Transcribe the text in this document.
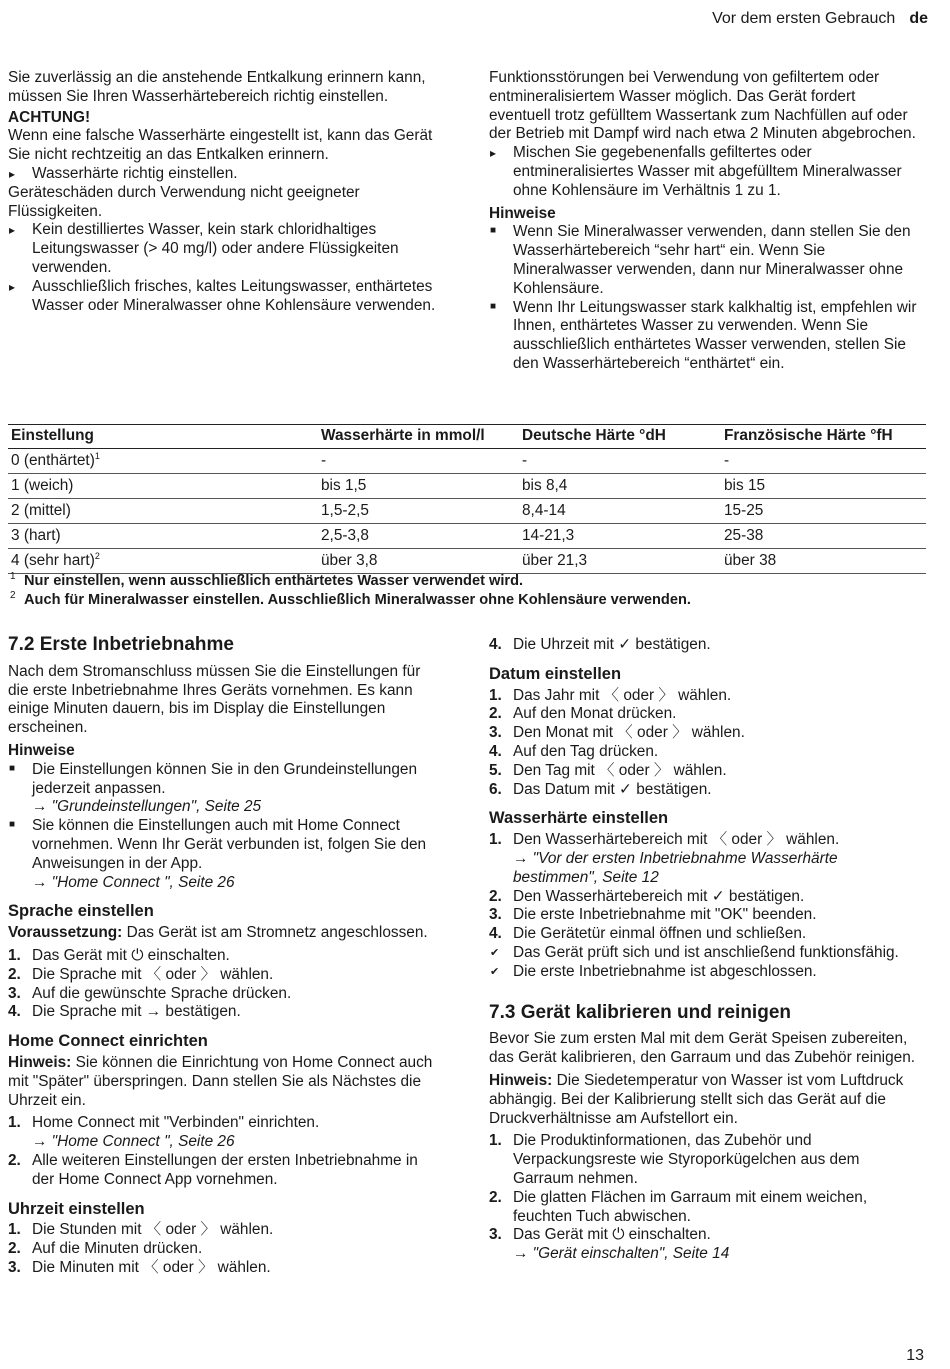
Vor dem ersten Gebrauch de

Sie zuverlässig an die anstehende Entkalkung erinnern kann, müssen Sie Ihren Wasserhärtebereich richtig einstellen.

ACHTUNG!

Wenn eine falsche Wasserhärte eingestellt ist, kann das Gerät Sie nicht rechtzeitig an das Entkalken erinnern.

▸ Wasserhärte richtig einstellen.

Geräteschäden durch Verwendung nicht geeigneter Flüssigkeiten.

▸ Kein destilliertes Wasser, kein stark chloridhaltiges Leitungswasser (> 40 mg/l) oder andere Flüssigkeiten verwenden.

▸ Ausschließlich frisches, kaltes Leitungswasser, enthärtetes Wasser oder Mineralwasser ohne Kohlensäure verwenden.

Funktionsstörungen bei Verwendung von gefiltertem oder entmineralisiertem Wasser möglich. Das Gerät fordert eventuell trotz gefülltem Wassertank zum Nachfüllen auf oder der Betrieb mit Dampf wird nach etwa 2 Minuten abgebrochen.

▸ Mischen Sie gegebenenfalls gefiltertes oder entmineralisiertes Wasser mit abgefülltem Mineralwasser ohne Kohlensäure im Verhältnis 1 zu 1.

Hinweise

■ Wenn Sie Mineralwasser verwenden, dann stellen Sie den Wasserhärtebereich “sehr hart“ ein. Wenn Sie Mineralwasser verwenden, dann nur Mineralwasser ohne Kohlensäure.

■ Wenn Ihr Leitungswasser stark kalkhaltig ist, empfehlen wir Ihnen, enthärtetes Wasser zu verwenden. Wenn Sie ausschließlich enthärtetes Wasser verwenden, stellen Sie den Wasserhärtebereich “enthärtet“ ein.

Einstellung	Wasserhärte in mmol/l	Deutsche Härte °dH	Französische Härte °fH
0 (enthärtet)$^1$	-	-	-
1 (weich)	bis 1,5	bis 8,4	bis 15
2 (mittel)	1,5-2,5	8,4-14	15-25
3 (hart)	2,5-3,8	14-21,3	25-38
4 (sehr hart)$^2$	über 3,8	über 21,3	über 38
1 Nur einstellen, wenn ausschließlich enthärtetes Wasser verwendet wird.
2 Auch für Mineralwasser einstellen. Ausschließlich Mineralwasser ohne Kohlensäure verwenden.

7.2 Erste Inbetriebnahme

Nach dem Stromanschluss müssen Sie die Einstellungen für die erste Inbetriebnahme Ihres Geräts vornehmen. Es kann einige Minuten dauern, bis im Display die Einstellungen erscheinen.

Hinweise

■ Die Einstellungen können Sie in den Grundeinstellungen jederzeit anpassen.

→ "Grundeinstellungen", Seite 25

■ Sie können die Einstellungen auch mit Home Connect vornehmen. Wenn Ihr Gerät verbunden ist, folgen Sie den Anweisungen in der App.

→ "Home Connect ", Seite 26

Sprache einstellen

Voraussetzung: Das Gerät ist am Stromnetz angeschlossen.

1. Das Gerät mit ⏻ einschalten.

2. Die Sprache mit 〈 oder 〉 wählen.

3. Auf die gewünschte Sprache drücken.

4. Die Sprache mit → bestätigen.

Home Connect einrichten

Hinweis: Sie können die Einrichtung von Home Connect auch mit "Später" überspringen. Dann stellen Sie als Nächstes die Uhrzeit ein.

1. Home Connect mit "Verbinden" einrichten.

→ "Home Connect ", Seite 26

2. Alle weiteren Einstellungen der ersten Inbetriebnahme in der Home Connect App vornehmen.

Uhrzeit einstellen

1. Die Stunden mit 〈 oder 〉 wählen.

2. Auf die Minuten drücken.

3. Die Minuten mit 〈 oder 〉 wählen.

4. Die Uhrzeit mit ✓ bestätigen.

Datum einstellen

1. Das Jahr mit 〈 oder 〉 wählen.

2. Auf den Monat drücken.

3. Den Monat mit 〈 oder 〉 wählen.

4. Auf den Tag drücken.

5. Den Tag mit 〈 oder 〉 wählen.

6. Das Datum mit ✓ bestätigen.

Wasserhärte einstellen

1. Den Wasserhärtebereich mit 〈 oder 〉 wählen.

→ "Vor der ersten Inbetriebnahme Wasserhärte bestimmen", Seite 12

2. Den Wasserhärtebereich mit ✓ bestätigen.

3. Die erste Inbetriebnahme mit "OK" beenden.

4. Die Gerätetür einmal öffnen und schließen.

✔ Das Gerät prüft sich und ist anschließend funktionsfähig.

✔ Die erste Inbetriebnahme ist abgeschlossen.

7.3 Gerät kalibrieren und reinigen

Bevor Sie zum ersten Mal mit dem Gerät Speisen zubereiten, das Gerät kalibrieren, den Garraum und das Zubehör reinigen.

Hinweis: Die Siedetemperatur von Wasser ist vom Luftdruck abhängig. Bei der Kalibrierung stellt sich das Gerät auf die Druckverhältnisse am Aufstellort ein.

1. Die Produktinformationen, das Zubehör und Verpackungsreste wie Styroporkügelchen aus dem Garraum nehmen.

2. Die glatten Flächen im Garraum mit einem weichen, feuchten Tuch abwischen.

3. Das Gerät mit ⏻ einschalten.

→ "Gerät einschalten", Seite 14

13
